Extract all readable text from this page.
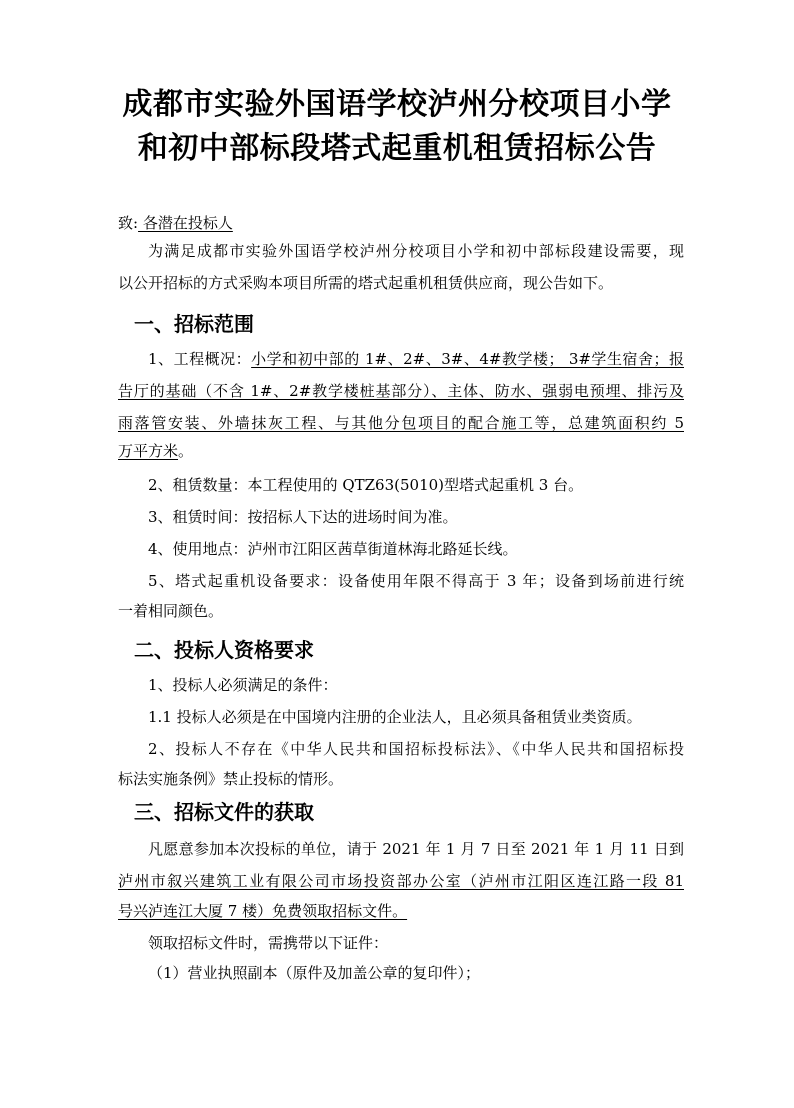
成都市实验外国语学校泸州分校项目小学
和初中部标段塔式起重机租赁招标公告
致: 各潜在投标人
为满足成都市实验外国语学校泸州分校项目小学和初中部标段建设需要，现
以公开招标的方式采购本项目所需的塔式起重机租赁供应商，现公告如下。
一、招标范围
1、工程概况：小学和初中部的 1#、2#、3#、4#教学楼； 3#学生宿舍；报
告厅的基础（不含 1#、2#教学楼桩基部分）、主体、防水、强弱电预埋、排污及
雨落管安装、外墙抹灰工程、与其他分包项目的配合施工等，总建筑面积约 5
万平方米。
2、租赁数量：本工程使用的 QTZ63(5010)型塔式起重机 3 台。
3、租赁时间：按招标人下达的进场时间为准。
4、使用地点：泸州市江阳区茜草街道林海北路延长线。
5、塔式起重机设备要求：设备使用年限不得高于 3 年；设备到场前进行统
一着相同颜色。
二、投标人资格要求
1、投标人必须满足的条件：
1.1 投标人必须是在中国境内注册的企业法人，且必须具备租赁业类资质。
2、投标人不存在《中华人民共和国招标投标法》、《中华人民共和国招标投
标法实施条例》禁止投标的情形。
三、招标文件的获取
凡愿意参加本次投标的单位，请于 2021 年 1 月 7 日至 2021 年 1 月 11 日到
泸州市叙兴建筑工业有限公司市场投资部办公室（泸州市江阳区连江路一段 81
号兴泸连江大厦 7 楼）免费领取招标文件。
领取招标文件时，需携带以下证件：
（1）营业执照副本（原件及加盖公章的复印件）；
